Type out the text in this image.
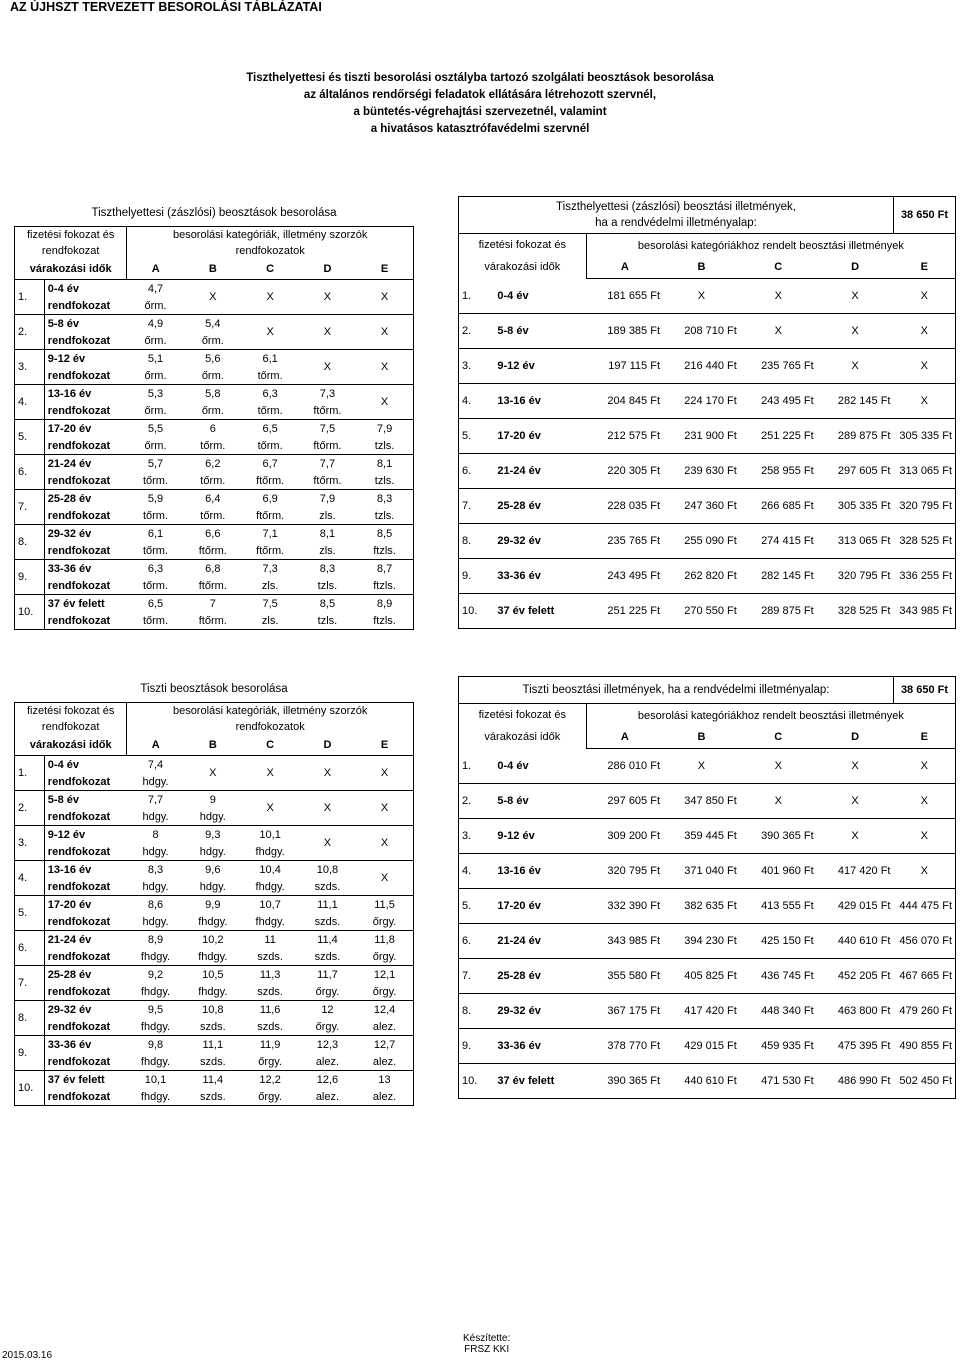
AZ ÚJHSZT TERVEZETT BESOROLÁSI TÁBLÁZATAI
Tiszthelyettesi és tiszti besorolási osztályba tartozó szolgálati beosztások besorolása
az általános rendőrségi feladatok ellátására létrehozott szervnél,
a büntetés-végrehajtási szervezetnél, valamint
a hivatásos katasztrófavédelmi szervnél
Tiszthelyettesi (zászlósi) beosztások besorolása						
fizetési fokozat és		besorolási kategóriák, illetmény szorzók				
rendfokozat		rendfokozatok				
várakozási idők		A	B	C	D	E
1.	0-4 év	4,7	X	X	X	X
	rendfokozat	őrm.				
2.	5-8 év	4,9	5,4	X	X	X
	rendfokozat	őrm.	őrm.			
3.	9-12 év	5,1	5,6	6,1	X	X
	rendfokozat	őrm.	őrm.	tőrm.		
4.	13-16 év	5,3	5,8	6,3	7,3	X
	rendfokozat	őrm.	őrm.	tőrm.	ftőrm.	
5.	17-20 év	5,5	6	6,5	7,5	7,9
	rendfokozat	őrm.	tőrm.	tőrm.	ftőrm.	tzls.
6.	21-24 év	5,7	6,2	6,7	7,7	8,1
	rendfokozat	tőrm.	tőrm.	ftőrm.	ftőrm.	tzls.
7.	25-28 év	5,9	6,4	6,9	7,9	8,3
	rendfokozat	tőrm.	tőrm.	ftőrm.	zls.	tzls.
8.	29-32 év	6,1	6,6	7,1	8,1	8,5
	rendfokozat	tőrm.	ftőrm.	ftőrm.	zls.	ftzls.
9.	33-36 év	6,3	6,8	7,3	8,3	8,7
	rendfokozat	tőrm.	ftőrm.	zls.	tzls.	ftzls.
10.	37 év felett	6,5	7	7,5	8,5	8,9
	rendfokozat	tőrm.	ftőrm.	zls.	tzls.	ftzls.
Tiszthelyettesi (zászlósi) beosztási illetmények,
ha a rendvédelmi illetményalap:						38 650 Ft
fizetési fokozat és		besorolási kategóriákhoz rendelt beosztási illetmények				
várakozási idők						
		A	B	C	D	E
1.	0-4 év	181 655 Ft	X	X	X	X
2.	5-8 év	189 385 Ft	208 710 Ft	X	X	X
3.	9-12 év	197 115 Ft	216 440 Ft	235 765 Ft	X	X
4.	13-16 év	204 845 Ft	224 170 Ft	243 495 Ft	282 145 Ft	X
5.	17-20 év	212 575 Ft	231 900 Ft	251 225 Ft	289 875 Ft	305 335 Ft
6.	21-24 év	220 305 Ft	239 630 Ft	258 955 Ft	297 605 Ft	313 065 Ft
7.	25-28 év	228 035 Ft	247 360 Ft	266 685 Ft	305 335 Ft	320 795 Ft
8.	29-32 év	235 765 Ft	255 090 Ft	274 415 Ft	313 065 Ft	328 525 Ft
9.	33-36 év	243 495 Ft	262 820 Ft	282 145 Ft	320 795 Ft	336 255 Ft
10.	37 év felett	251 225 Ft	270 550 Ft	289 875 Ft	328 525 Ft	343 985 Ft
Tiszti beosztások besorolása						
fizetési fokozat és		besorolási kategóriák, illetmény szorzók				
rendfokozat		rendfokozatok				
várakozási idők		A	B	C	D	E
1.	0-4 év	7,4	X	X	X	X
	rendfokozat	hdgy.				
2.	5-8 év	7,7	9	X	X	X
	rendfokozat	hdgy.	hdgy.			
3.	9-12 év	8	9,3	10,1	X	X
	rendfokozat	hdgy.	hdgy.	fhdgy.		
4.	13-16 év	8,3	9,6	10,4	10,8	X
	rendfokozat	hdgy.	hdgy.	fhdgy.	szds.	
5.	17-20 év	8,6	9,9	10,7	11,1	11,5
	rendfokozat	hdgy.	fhdgy.	fhdgy.	szds.	őrgy.
6.	21-24 év	8,9	10,2	11	11,4	11,8
	rendfokozat	fhdgy.	fhdgy.	szds.	szds.	őrgy.
7.	25-28 év	9,2	10,5	11,3	11,7	12,1
	rendfokozat	fhdgy.	fhdgy.	szds.	őrgy.	őrgy.
8.	29-32 év	9,5	10,8	11,6	12	12,4
	rendfokozat	fhdgy.	szds.	szds.	őrgy.	alez.
9.	33-36 év	9,8	11,1	11,9	12,3	12,7
	rendfokozat	fhdgy.	szds.	őrgy.	alez.	alez.
10.	37 év felett	10,1	11,4	12,2	12,6	13
	rendfokozat	fhdgy.	szds.	őrgy.	alez.	alez.
Tiszti beosztási illetmények, ha a rendvédelmi illetményalap:						38 650 Ft
fizetési fokozat és		besorolási kategóriákhoz rendelt beosztási illetmények				
várakozási idők						
		A	B	C	D	E
1.	0-4 év	286 010 Ft	X	X	X	X
2.	5-8 év	297 605 Ft	347 850 Ft	X	X	X
3.	9-12 év	309 200 Ft	359 445 Ft	390 365 Ft	X	X
4.	13-16 év	320 795 Ft	371 040 Ft	401 960 Ft	417 420 Ft	X
5.	17-20 év	332 390 Ft	382 635 Ft	413 555 Ft	429 015 Ft	444 475 Ft
6.	21-24 év	343 985 Ft	394 230 Ft	425 150 Ft	440 610 Ft	456 070 Ft
7.	25-28 év	355 580 Ft	405 825 Ft	436 745 Ft	452 205 Ft	467 665 Ft
8.	29-32 év	367 175 Ft	417 420 Ft	448 340 Ft	463 800 Ft	479 260 Ft
9.	33-36 év	378 770 Ft	429 015 Ft	459 935 Ft	475 395 Ft	490 855 Ft
10.	37 év felett	390 365 Ft	440 610 Ft	471 530 Ft	486 990 Ft	502 450 Ft
2015.03.16
Készítette:
FRSZ KKI
